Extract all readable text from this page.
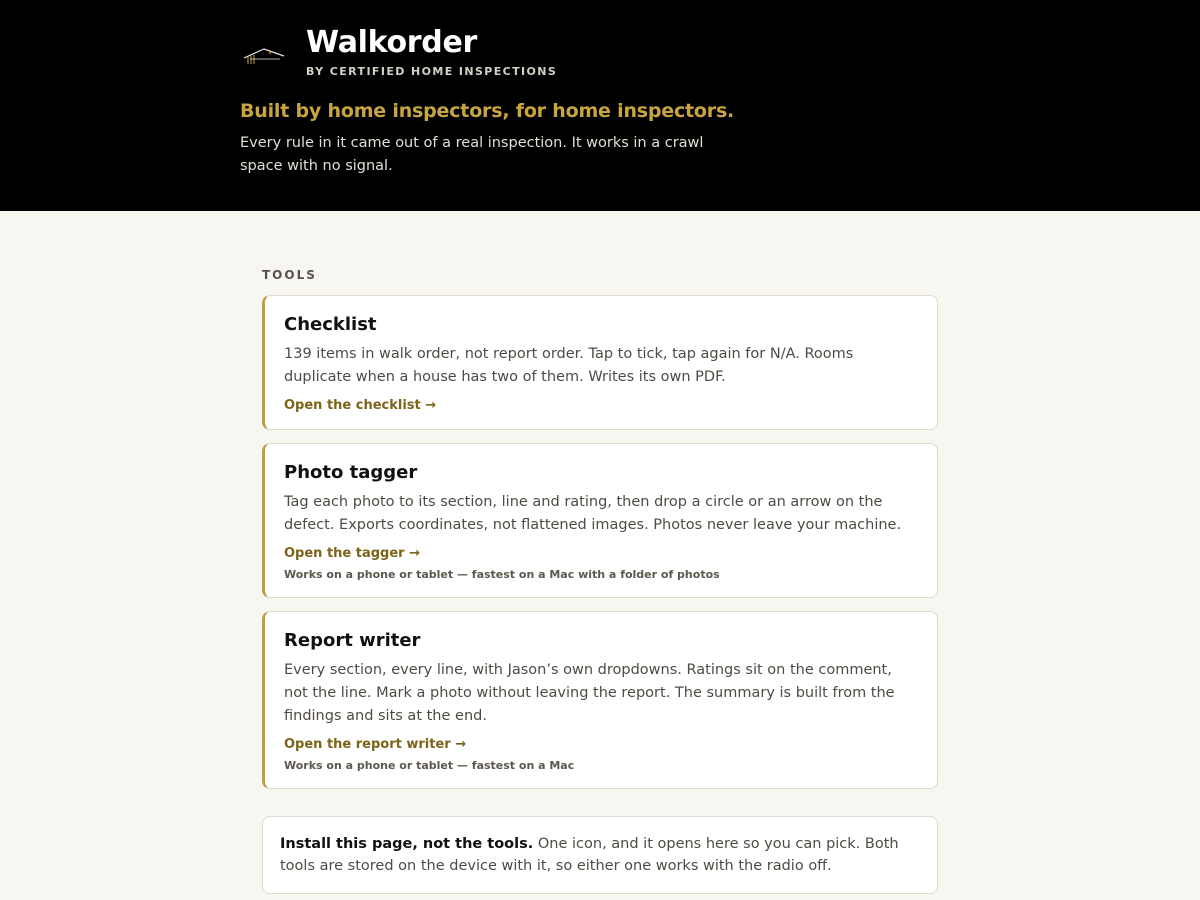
Walkorder
BY CERTIFIED HOME INSPECTIONS
Built by home inspectors, for home inspectors.
Every rule in it came out of a real inspection. It works in a crawl space with no signal.
TOOLS
Checklist
139 items in walk order, not report order. Tap to tick, tap again for N/A. Rooms duplicate when a house has two of them. Writes its own PDF.
Open the checklist →
Photo tagger
Tag each photo to its section, line and rating, then drop a circle or an arrow on the defect. Exports coordinates, not flattened images. Photos never leave your machine.
Open the tagger →
Works on a phone or tablet — fastest on a Mac with a folder of photos
Report writer
Every section, every line, with Jason’s own dropdowns. Ratings sit on the comment, not the line. Mark a photo without leaving the report. The summary is built from the findings and sits at the end.
Open the report writer →
Works on a phone or tablet — fastest on a Mac
Install this page, not the tools. One icon, and it opens here so you can pick. Both tools are stored on the device with it, so either one works with the radio off.
